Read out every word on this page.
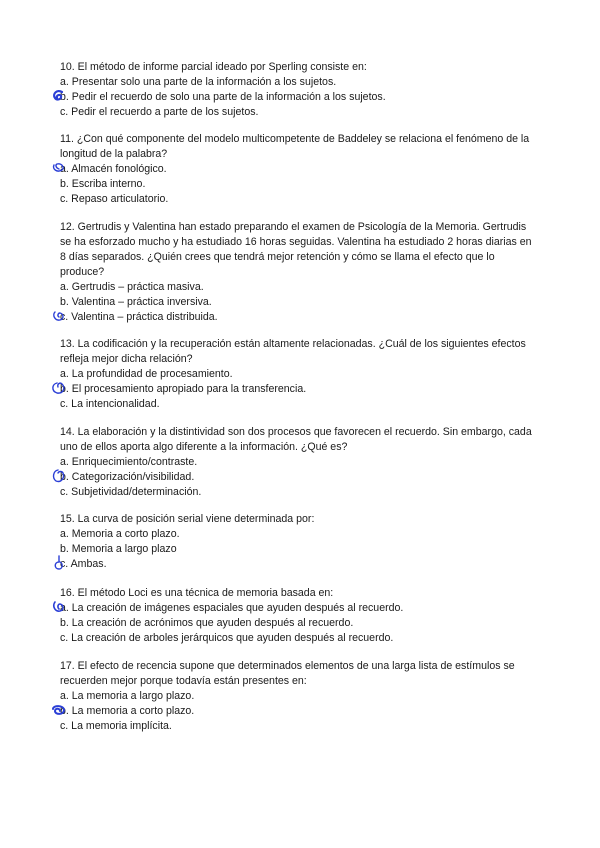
10. El método de informe parcial ideado por Sperling consiste en:

a. Presentar solo una parte de la información a los sujetos.

b. Pedir el recuerdo de solo una parte de la información a los sujetos.

c. Pedir el recuerdo a parte de los sujetos.

11. ¿Con qué componente del modelo multicompetente de Baddeley se relaciona el fenómeno de la longitud de la palabra?

a. Almacén fonológico.

b. Escriba interno.

c. Repaso articulatorio.

12. Gertrudis y Valentina han estado preparando el examen de Psicología de la Memoria. Gertrudis se ha esforzado mucho y ha estudiado 16 horas seguidas. Valentina ha estudiado 2 horas diarias en 8 días separados. ¿Quién crees que tendrá mejor retención y cómo se llama el efecto que lo produce?

a. Gertrudis – práctica masiva.

b. Valentina – práctica inversiva.

c. Valentina – práctica distribuida.

13. La codificación y la recuperación están altamente relacionadas. ¿Cuál de los siguientes efectos refleja mejor dicha relación?

a. La profundidad de procesamiento.

b. El procesamiento apropiado para la transferencia.

c. La intencionalidad.

14. La elaboración y la distintividad son dos procesos que favorecen el recuerdo. Sin embargo, cada uno de ellos aporta algo diferente a la información. ¿Qué es?

a. Enriquecimiento/contraste.

b. Categorización/visibilidad.

c. Subjetividad/determinación.

15. La curva de posición serial viene determinada por:

a. Memoria a corto plazo.

b. Memoria a largo plazo

c. Ambas.

16. El método Loci es una técnica de memoria basada en:

a. La creación de imágenes espaciales que ayuden después al recuerdo.

b. La creación de acrónimos que ayuden después al recuerdo.

c. La creación de arboles jerárquicos que ayuden después al recuerdo.

17. El efecto de recencia supone que determinados elementos de una larga lista de estímulos se recuerden mejor porque todavía están presentes en:

a. La memoria a largo plazo.

b. La memoria a corto plazo.

c. La memoria implícita.
